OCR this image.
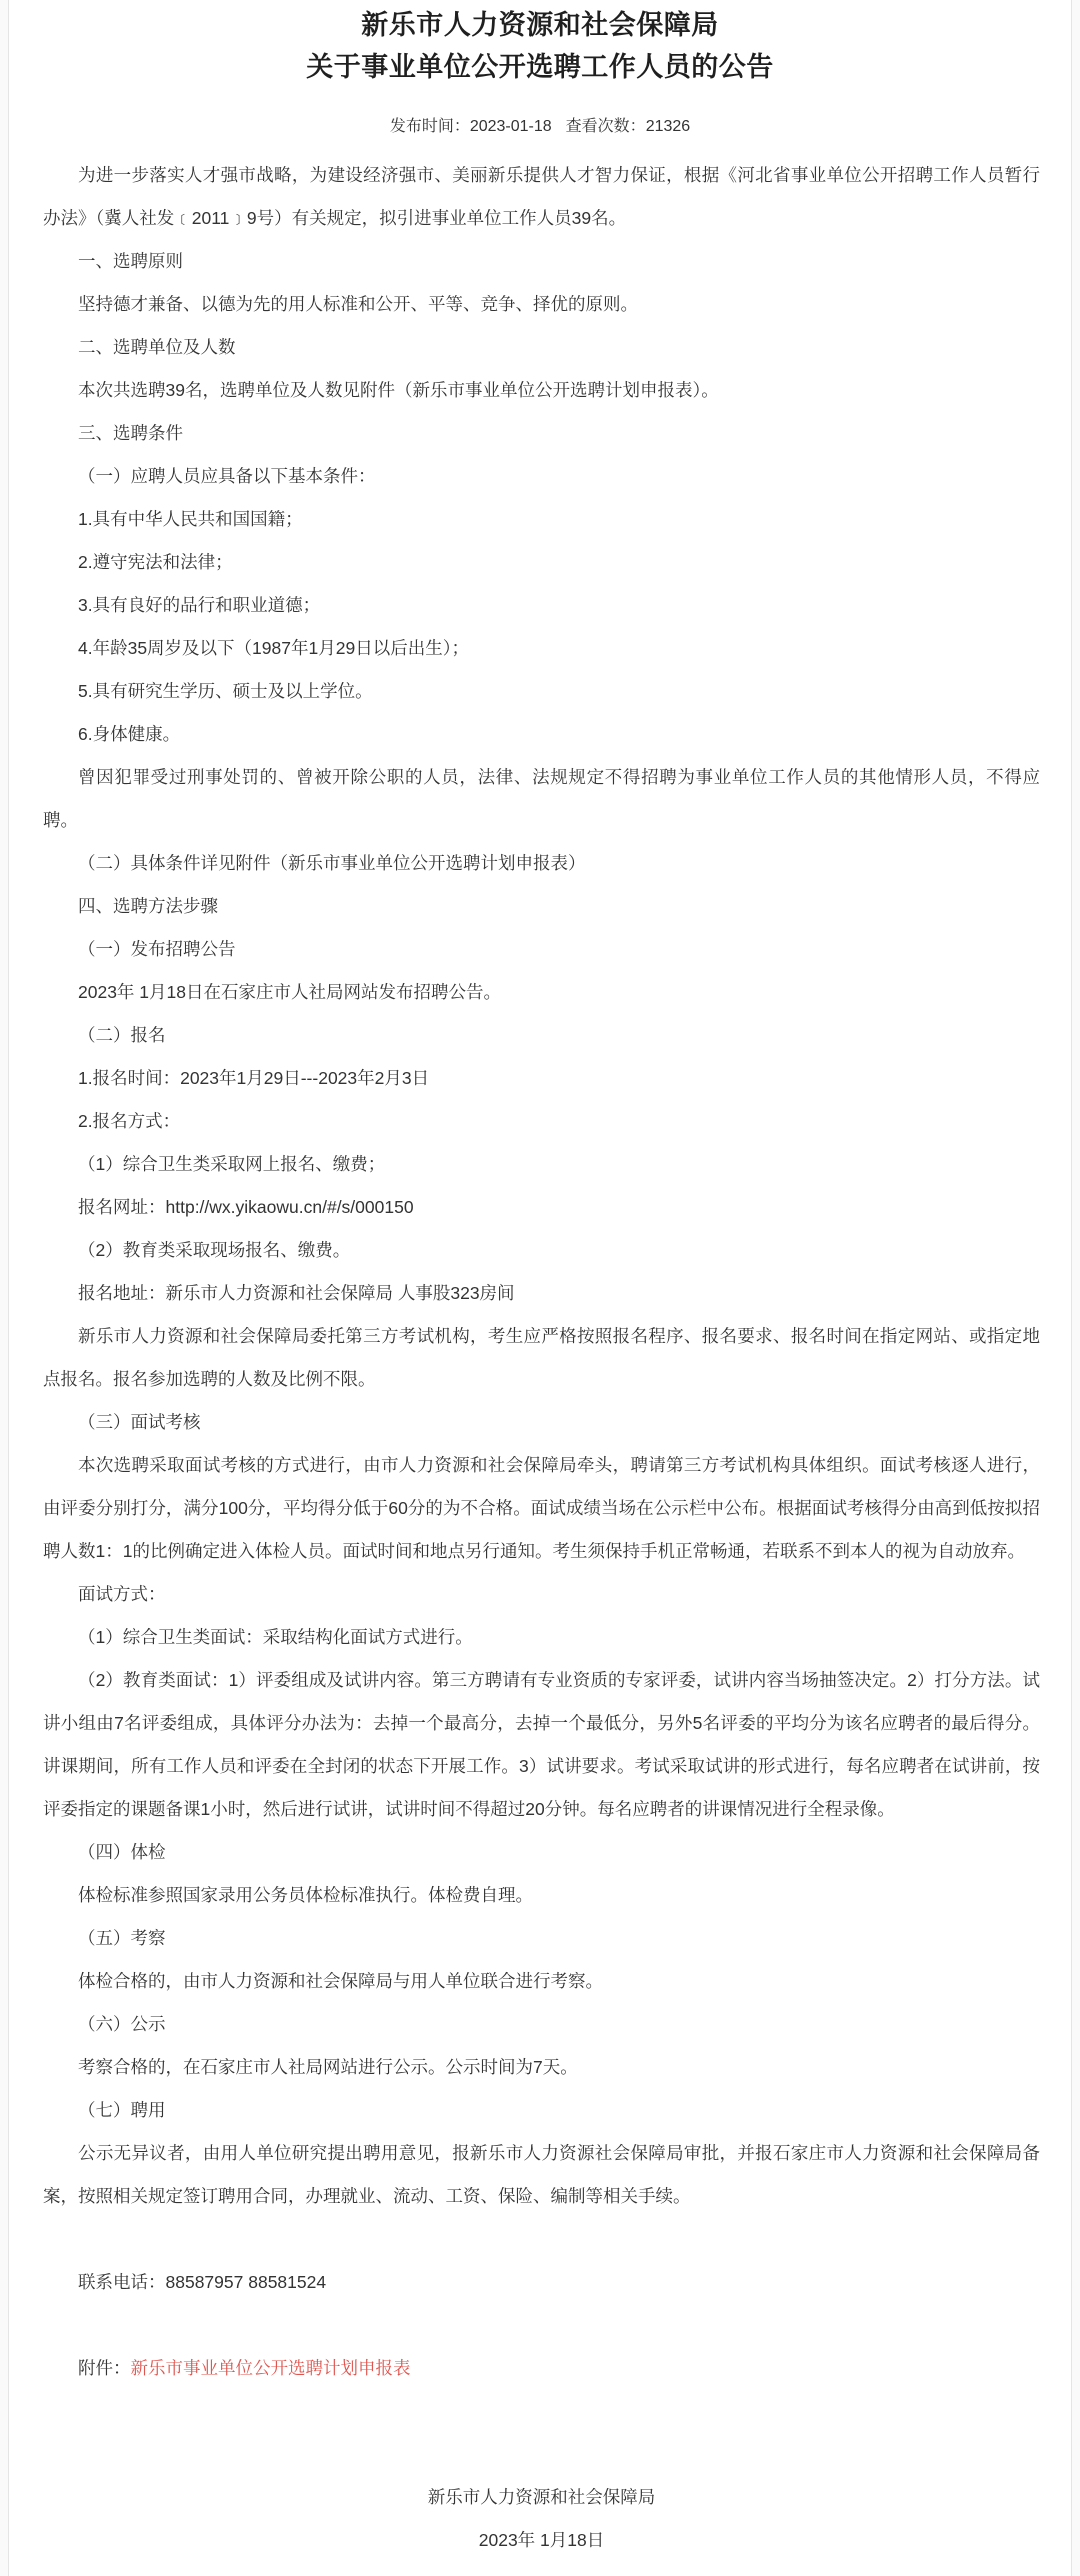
新乐市人力资源和社会保障局
关于事业单位公开选聘工作人员的公告
发布时间：2023-01-18 查看次数：21326

为进一步落实人才强市战略，为建设经济强市、美丽新乐提供人才智力保证，根据《河北省事业单位公开招聘工作人员暂行办法》（冀人社发﹝2011﹞9号）有关规定，拟引进事业单位工作人员39名。

一、选聘原则

坚持德才兼备、以德为先的用人标准和公开、平等、竞争、择优的原则。

二、选聘单位及人数

本次共选聘39名，选聘单位及人数见附件（新乐市事业单位公开选聘计划申报表）。

三、选聘条件

（一）应聘人员应具备以下基本条件：

1.具有中华人民共和国国籍；

2.遵守宪法和法律；

3.具有良好的品行和职业道德；

4.年龄35周岁及以下（1987年1月29日以后出生）；

5.具有研究生学历、硕士及以上学位。

6.身体健康。

曾因犯罪受过刑事处罚的、曾被开除公职的人员，法律、法规规定不得招聘为事业单位工作人员的其他情形人员，不得应聘。

（二）具体条件详见附件（新乐市事业单位公开选聘计划申报表）

四、选聘方法步骤

（一）发布招聘公告

2023年 1月18日在石家庄市人社局网站发布招聘公告。

（二）报名

1.报名时间：2023年1月29日---2023年2月3日

2.报名方式：

（1）综合卫生类采取网上报名、缴费；

报名网址：http://wx.yikaowu.cn/#/s/000150

（2）教育类采取现场报名、缴费。

报名地址：新乐市人力资源和社会保障局 人事股323房间

新乐市人力资源和社会保障局委托第三方考试机构，考生应严格按照报名程序、报名要求、报名时间在指定网站、或指定地点报名。报名参加选聘的人数及比例不限。

（三）面试考核

本次选聘采取面试考核的方式进行，由市人力资源和社会保障局牵头，聘请第三方考试机构具体组织。面试考核逐人进行，由评委分别打分，满分100分，平均得分低于60分的为不合格。面试成绩当场在公示栏中公布。根据面试考核得分由高到低按拟招聘人数1：1的比例确定进入体检人员。面试时间和地点另行通知。考生须保持手机正常畅通，若联系不到本人的视为自动放弃。

面试方式：

（1）综合卫生类面试：采取结构化面试方式进行。

（2）教育类面试：1）评委组成及试讲内容。第三方聘请有专业资质的专家评委，试讲内容当场抽签决定。2）打分方法。试讲小组由7名评委组成，具体评分办法为：去掉一个最高分，去掉一个最低分，另外5名评委的平均分为该名应聘者的最后得分。讲课期间，所有工作人员和评委在全封闭的状态下开展工作。3）试讲要求。考试采取试讲的形式进行，每名应聘者在试讲前，按评委指定的课题备课1小时，然后进行试讲，试讲时间不得超过20分钟。每名应聘者的讲课情况进行全程录像。

（四）体检

体检标准参照国家录用公务员体检标准执行。体检费自理。

（五）考察

体检合格的，由市人力资源和社会保障局与用人单位联合进行考察。

（六）公示

考察合格的，在石家庄市人社局网站进行公示。公示时间为7天。

（七）聘用

公示无异议者，由用人单位研究提出聘用意见，报新乐市人力资源社会保障局审批，并报石家庄市人力资源和社会保障局备案，按照相关规定签订聘用合同，办理就业、流动、工资、保险、编制等相关手续。

联系电话：88587957 88581524

附件：新乐市事业单位公开选聘计划申报表

新乐市人力资源和社会保障局

2023年 1月18日
